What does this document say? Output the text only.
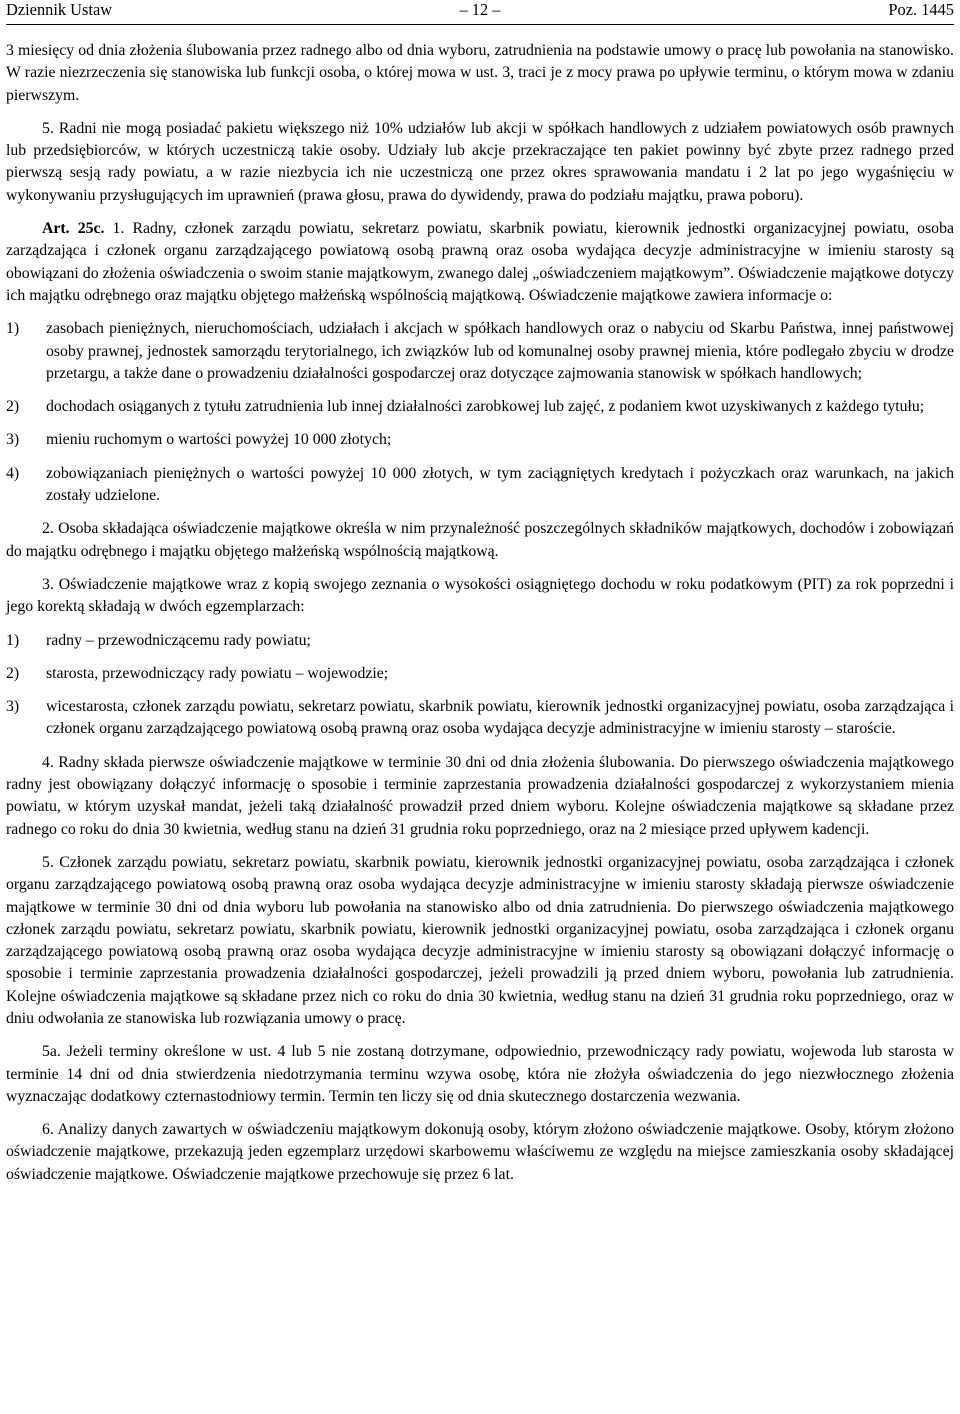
Dziennik Ustaw	– 12 –	Poz. 1445

3 miesięcy od dnia złożenia ślubowania przez radnego albo od dnia wyboru, zatrudnienia na podstawie umowy o pracę lub powołania na stanowisko. W razie niezrzeczenia się stanowiska lub funkcji osoba, o której mowa w ust. 3, traci je z mocy prawa po upływie terminu, o którym mowa w zdaniu pierwszym.

5. Radni nie mogą posiadać pakietu większego niż 10% udziałów lub akcji w spółkach handlowych z udziałem powiatowych osób prawnych lub przedsiębiorców, w których uczestniczą takie osoby. Udziały lub akcje przekraczające ten pakiet powinny być zbyte przez radnego przed pierwszą sesją rady powiatu, a w razie niezbycia ich nie uczestniczą one przez okres sprawowania mandatu i 2 lat po jego wygaśnięciu w wykonywaniu przysługujących im uprawnień (prawa głosu, prawa do dywidendy, prawa do podziału majątku, prawa poboru).

Art. 25c. 1. Radny, członek zarządu powiatu, sekretarz powiatu, skarbnik powiatu, kierownik jednostki organizacyjnej powiatu, osoba zarządzająca i członek organu zarządzającego powiatową osobą prawną oraz osoba wydająca decyzje administracyjne w imieniu starosty są obowiązani do złożenia oświadczenia o swoim stanie majątkowym, zwanego dalej „oświadczeniem majątkowym”. Oświadczenie majątkowe dotyczy ich majątku odrębnego oraz majątku objętego małżeńską wspólnością majątkową. Oświadczenie majątkowe zawiera informacje o:

1)	zasobach pieniężnych, nieruchomościach, udziałach i akcjach w spółkach handlowych oraz o nabyciu od Skarbu Państwa, innej państwowej osoby prawnej, jednostek samorządu terytorialnego, ich związków lub od komunalnej osoby prawnej mienia, które podlegało zbyciu w drodze przetargu, a także dane o prowadzeniu działalności gospodarczej oraz dotyczące zajmowania stanowisk w spółkach handlowych;
2)	dochodach osiąganych z tytułu zatrudnienia lub innej działalności zarobkowej lub zajęć, z podaniem kwot uzyskiwanych z każdego tytułu;
3)	mieniu ruchomym o wartości powyżej 10 000 złotych;
4)	zobowiązaniach pieniężnych o wartości powyżej 10 000 złotych, w tym zaciągniętych kredytach i pożyczkach oraz warunkach, na jakich zostały udzielone.

2. Osoba składająca oświadczenie majątkowe określa w nim przynależność poszczególnych składników majątkowych, dochodów i zobowiązań do majątku odrębnego i majątku objętego małżeńską wspólnością majątkową.

3. Oświadczenie majątkowe wraz z kopią swojego zeznania o wysokości osiągniętego dochodu w roku podatkowym (PIT) za rok poprzedni i jego korektą składają w dwóch egzemplarzach:

1)	radny – przewodniczącemu rady powiatu;
2)	starosta, przewodniczący rady powiatu – wojewodzie;
3)	wicestarosta, członek zarządu powiatu, sekretarz powiatu, skarbnik powiatu, kierownik jednostki organizacyjnej powiatu, osoba zarządzająca i członek organu zarządzającego powiatową osobą prawną oraz osoba wydająca decyzje administracyjne w imieniu starosty – staroście.

4. Radny składa pierwsze oświadczenie majątkowe w terminie 30 dni od dnia złożenia ślubowania. Do pierwszego oświadczenia majątkowego radny jest obowiązany dołączyć informację o sposobie i terminie zaprzestania prowadzenia działalności gospodarczej z wykorzystaniem mienia powiatu, w którym uzyskał mandat, jeżeli taką działalność prowadził przed dniem wyboru. Kolejne oświadczenia majątkowe są składane przez radnego co roku do dnia 30 kwietnia, według stanu na dzień 31 grudnia roku poprzedniego, oraz na 2 miesiące przed upływem kadencji.

5. Członek zarządu powiatu, sekretarz powiatu, skarbnik powiatu, kierownik jednostki organizacyjnej powiatu, osoba zarządzająca i członek organu zarządzającego powiatową osobą prawną oraz osoba wydająca decyzje administracyjne w imieniu starosty składają pierwsze oświadczenie majątkowe w terminie 30 dni od dnia wyboru lub powołania na stanowisko albo od dnia zatrudnienia. Do pierwszego oświadczenia majątkowego członek zarządu powiatu, sekretarz powiatu, skarbnik powiatu, kierownik jednostki organizacyjnej powiatu, osoba zarządzająca i członek organu zarządzającego powiatową osobą prawną oraz osoba wydająca decyzje administracyjne w imieniu starosty są obowiązani dołączyć informację o sposobie i terminie zaprzestania prowadzenia działalności gospodarczej, jeżeli prowadzili ją przed dniem wyboru, powołania lub zatrudnienia. Kolejne oświadczenia majątkowe są składane przez nich co roku do dnia 30 kwietnia, według stanu na dzień 31 grudnia roku poprzedniego, oraz w dniu odwołania ze stanowiska lub rozwiązania umowy o pracę.

5a. Jeżeli terminy określone w ust. 4 lub 5 nie zostaną dotrzymane, odpowiednio, przewodniczący rady powiatu, wojewoda lub starosta w terminie 14 dni od dnia stwierdzenia niedotrzymania terminu wzywa osobę, która nie złożyła oświadczenia do jego niezwłocznego złożenia wyznaczając dodatkowy czternastodniowy termin. Termin ten liczy się od dnia skutecznego dostarczenia wezwania.

6. Analizy danych zawartych w oświadczeniu majątkowym dokonują osoby, którym złożono oświadczenie majątkowe. Osoby, którym złożono oświadczenie majątkowe, przekazują jeden egzemplarz urzędowi skarbowemu właściwemu ze względu na miejsce zamieszkania osoby składającej oświadczenie majątkowe. Oświadczenie majątkowe przechowuje się przez 6 lat.
